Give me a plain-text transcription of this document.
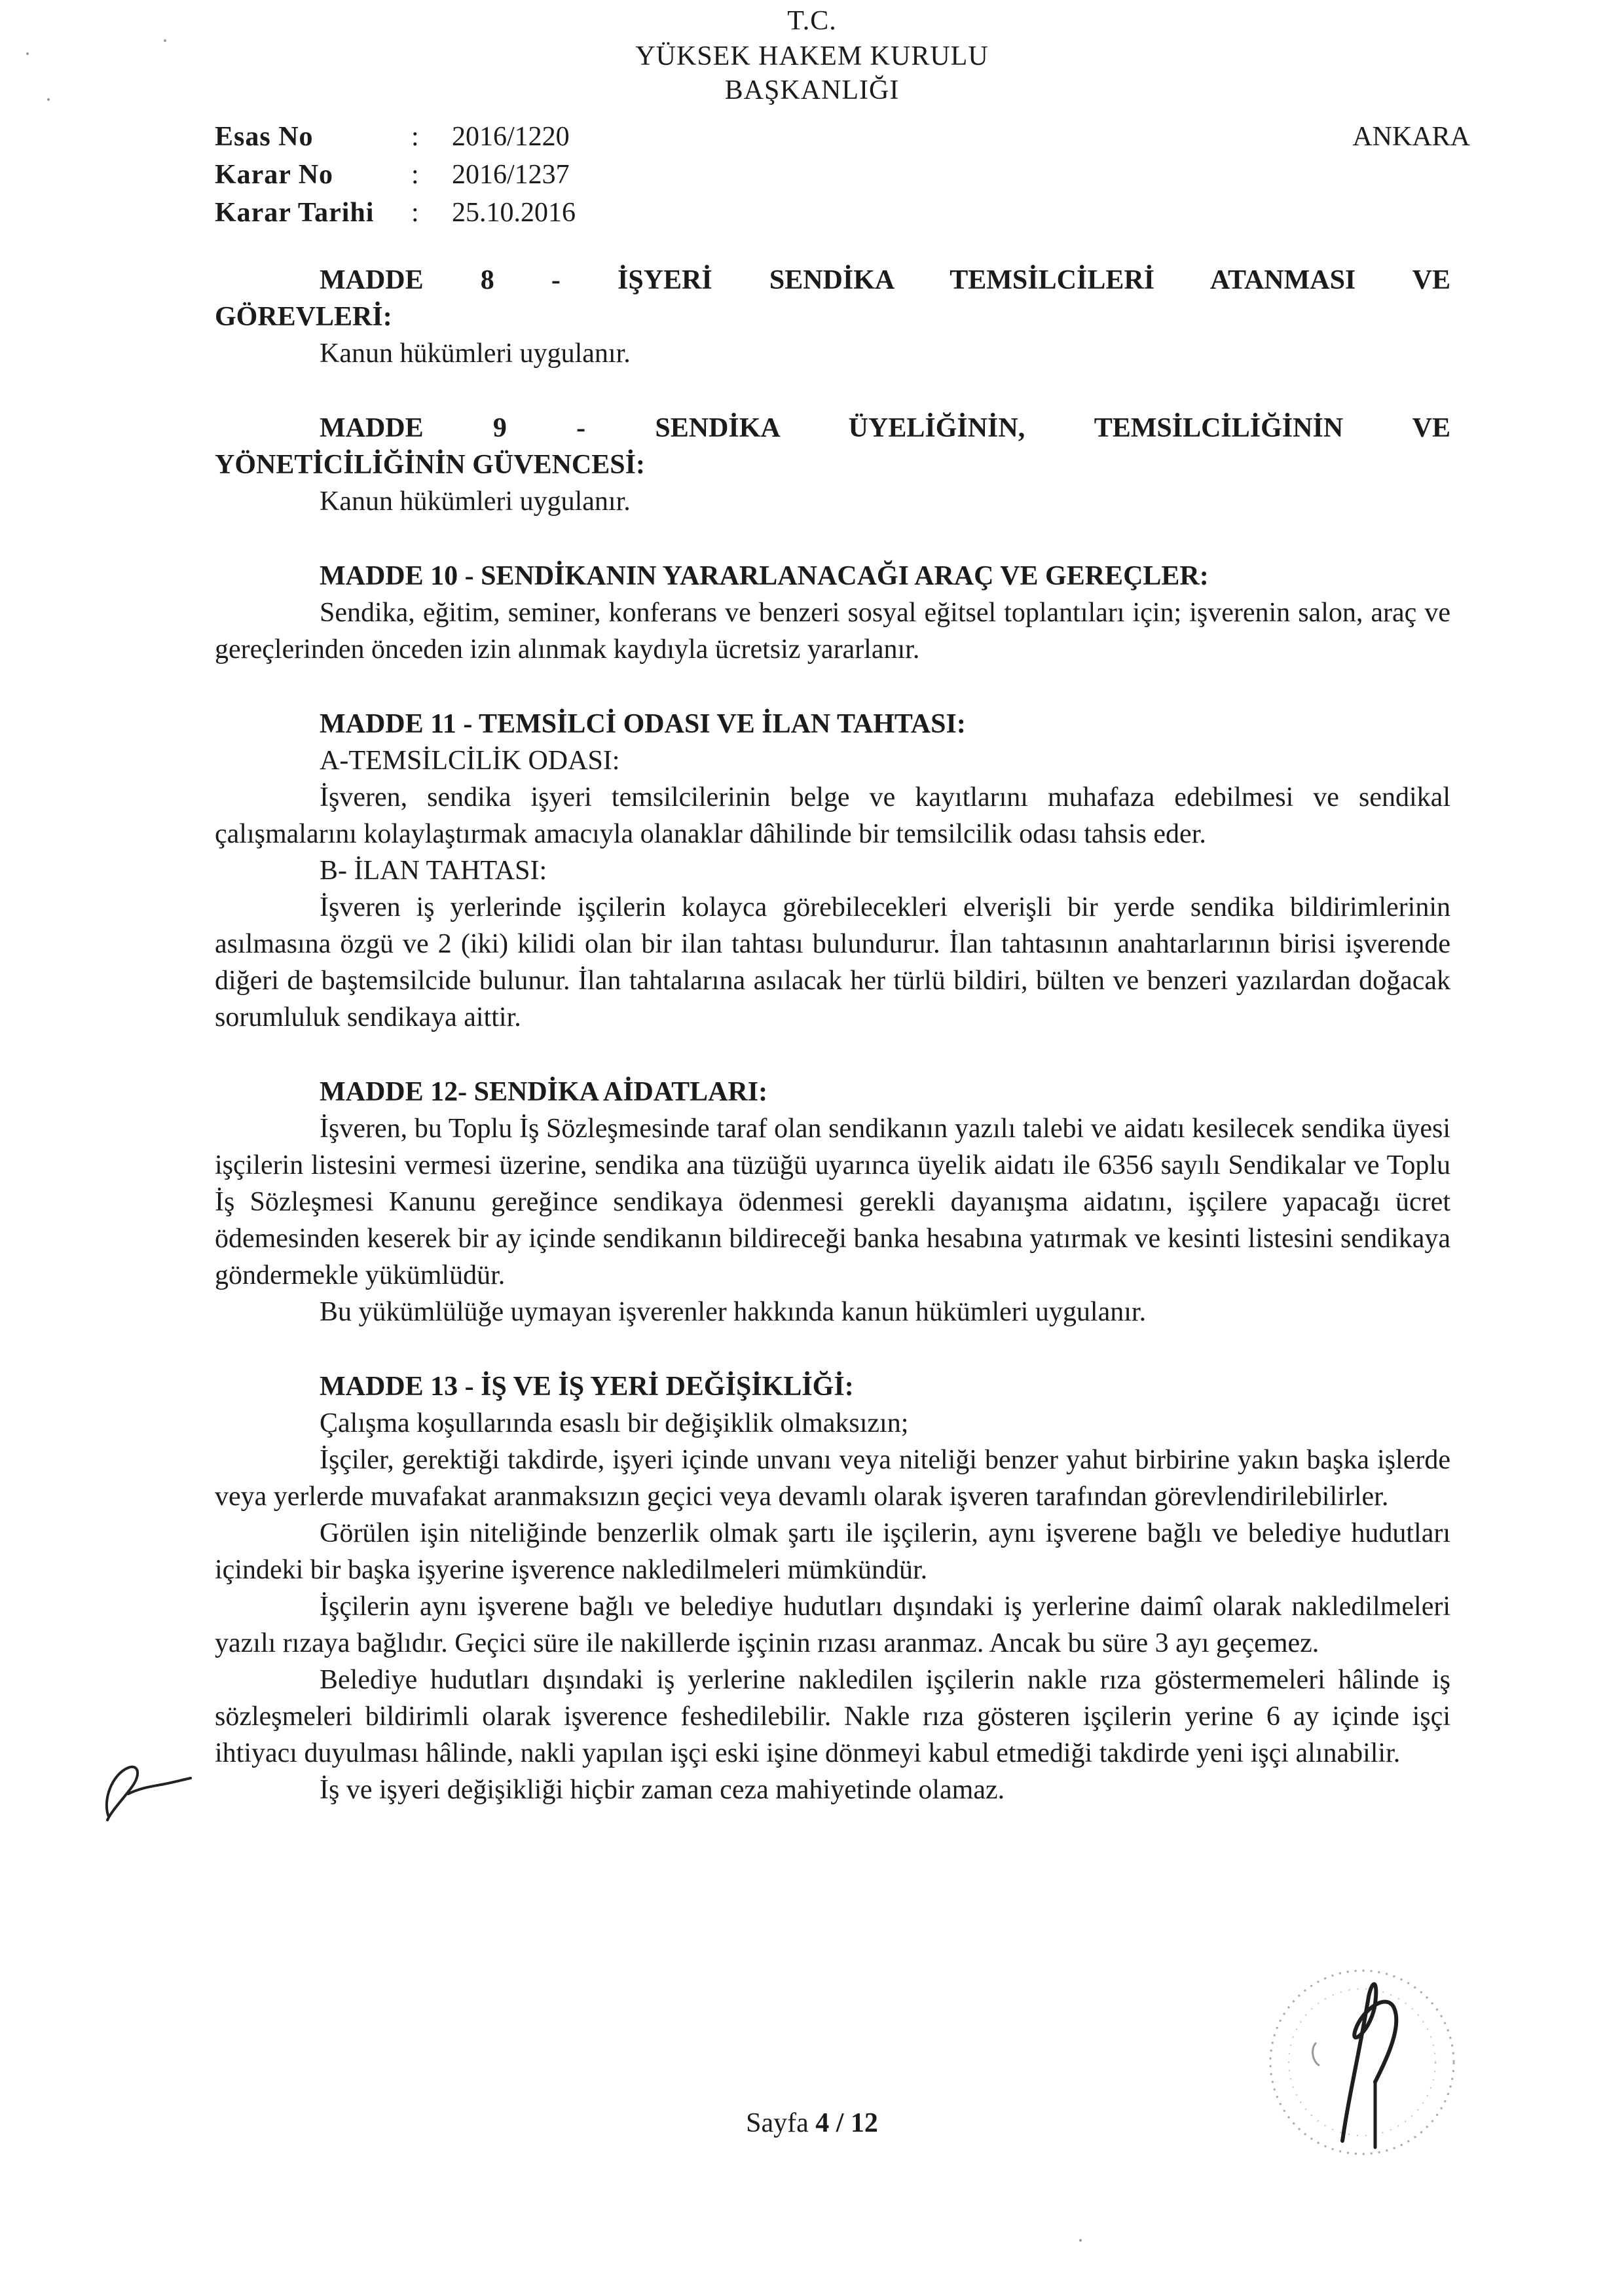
T.C.
YÜKSEK HAKEM KURULU
BAŞKANLIĞI
Esas No	:	2016/1220
Karar No	:	2016/1237
Karar Tarihi	:	25.10.2016
ANKARA
MADDE 8 - İŞYERİ SENDİKA TEMSİLCİLERİ ATANMASI VE
GÖREVLERİ:

Kanun hükümleri uygulanır.

MADDE 9 - SENDİKA ÜYELİĞİNİN, TEMSİLCİLİĞİNİN VE
YÖNETİCİLİĞİNİN GÜVENCESİ:

Kanun hükümleri uygulanır.

MADDE 10 - SENDİKANIN YARARLANACAĞI ARAÇ VE GEREÇLER:

Sendika, eğitim, seminer, konferans ve benzeri sosyal eğitsel toplantıları için; işverenin salon, araç ve gereçlerinden önceden izin alınmak kaydıyla ücretsiz yararlanır.

MADDE 11 - TEMSİLCİ ODASI VE İLAN TAHTASI:

A-TEMSİLCİLİK ODASI:

İşveren, sendika işyeri temsilcilerinin belge ve kayıtlarını muhafaza edebilmesi ve sendikal çalışmalarını kolaylaştırmak amacıyla olanaklar dâhilinde bir temsilcilik odası tahsis eder.

B- İLAN TAHTASI:

İşveren iş yerlerinde işçilerin kolayca görebilecekleri elverişli bir yerde sendika bildirimlerinin asılmasına özgü ve 2 (iki) kilidi olan bir ilan tahtası bulundurur. İlan tahtasının anahtarlarının birisi işverende diğeri de baştemsilcide bulunur. İlan tahtalarına asılacak her türlü bildiri, bülten ve benzeri yazılardan doğacak sorumluluk sendikaya aittir.

MADDE 12- SENDİKA AİDATLARI:

İşveren, bu Toplu İş Sözleşmesinde taraf olan sendikanın yazılı talebi ve aidatı kesilecek sendika üyesi işçilerin listesini vermesi üzerine, sendika ana tüzüğü uyarınca üyelik aidatı ile 6356 sayılı Sendikalar ve Toplu İş Sözleşmesi Kanunu gereğince sendikaya ödenmesi gerekli dayanışma aidatını, işçilere yapacağı ücret ödemesinden keserek bir ay içinde sendikanın bildireceği banka hesabına yatırmak ve kesinti listesini sendikaya göndermekle yükümlüdür.

Bu yükümlülüğe uymayan işverenler hakkında kanun hükümleri uygulanır.

MADDE 13 - İŞ VE İŞ YERİ DEĞİŞİKLİĞİ:

Çalışma koşullarında esaslı bir değişiklik olmaksızın;

İşçiler, gerektiği takdirde, işyeri içinde unvanı veya niteliği benzer yahut birbirine yakın başka işlerde veya yerlerde muvafakat aranmaksızın geçici veya devamlı olarak işveren tarafından görevlendirilebilirler.

Görülen işin niteliğinde benzerlik olmak şartı ile işçilerin, aynı işverene bağlı ve belediye hudutları içindeki bir başka işyerine işverence nakledilmeleri mümkündür.

İşçilerin aynı işverene bağlı ve belediye hudutları dışındaki iş yerlerine daimî olarak nakledilmeleri yazılı rızaya bağlıdır. Geçici süre ile nakillerde işçinin rızası aranmaz. Ancak bu süre 3 ayı geçemez.

Belediye hudutları dışındaki iş yerlerine nakledilen işçilerin nakle rıza göstermemeleri hâlinde iş sözleşmeleri bildirimli olarak işverence feshedilebilir. Nakle rıza gösteren işçilerin yerine 6 ay içinde işçi ihtiyacı duyulması hâlinde, nakli yapılan işçi eski işine dönmeyi kabul etmediği takdirde yeni işçi alınabilir.

İş ve işyeri değişikliği hiçbir zaman ceza mahiyetinde olamaz.

Sayfa 4 / 12
